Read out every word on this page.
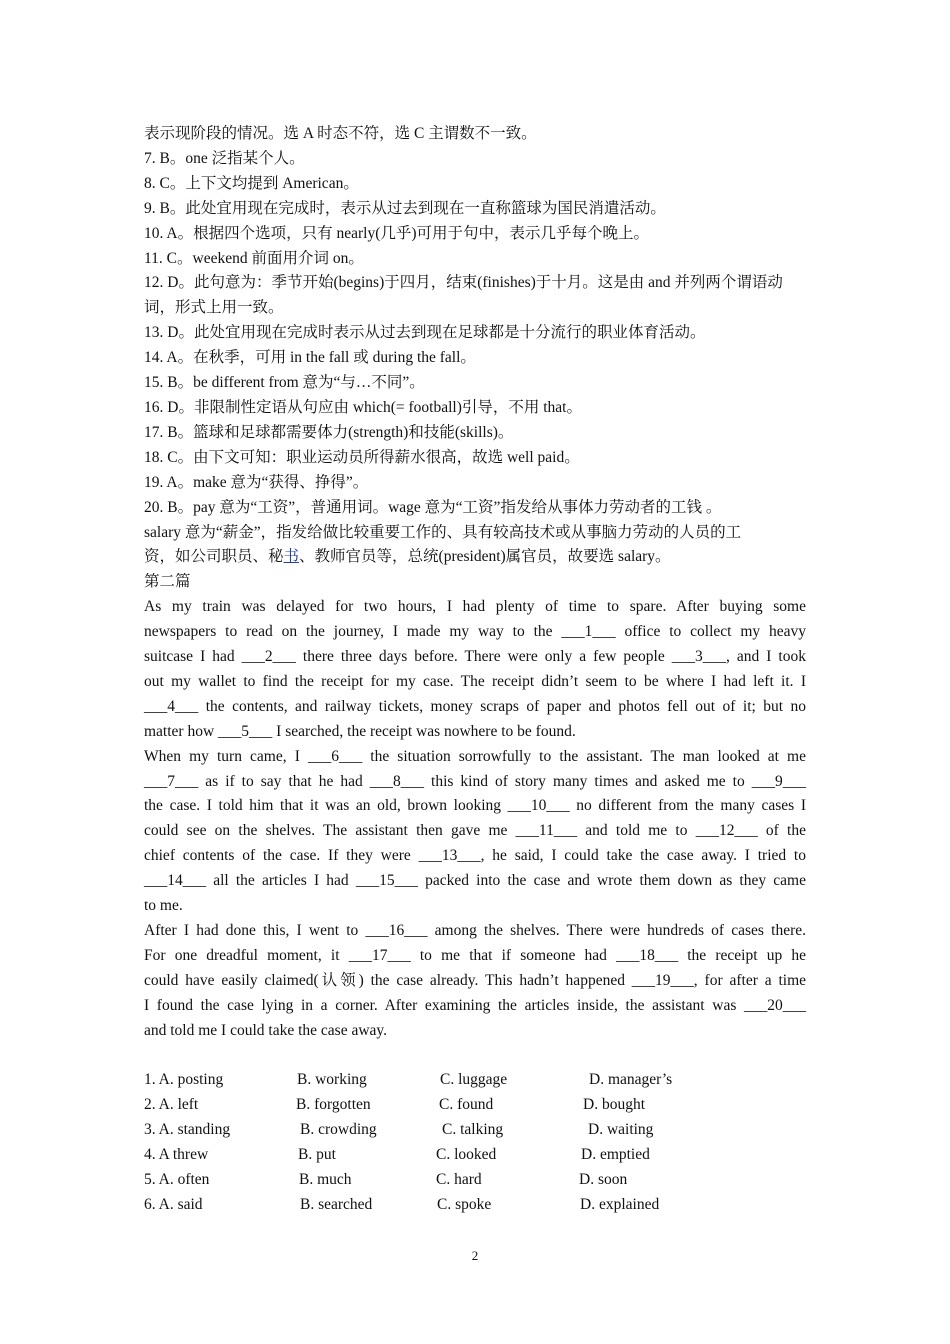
表示现阶段的情况。选 A 时态不符，选 C 主谓数不一致。
7. B。one 泛指某个人。
8. C。上下文均提到 American。
9. B。此处宜用现在完成时，表示从过去到现在一直称篮球为国民消遣活动。
10. A。根据四个选项，只有 nearly(几乎)可用于句中，表示几乎每个晚上。
11. C。weekend 前面用介词 on。
12. D。此句意为：季节开始(begins)于四月，结束(finishes)于十月。这是由 and 并列两个谓语动
词，形式上用一致。
13. D。此处宜用现在完成时表示从过去到现在足球都是十分流行的职业体育活动。
14. A。在秋季，可用 in the fall 或 during the fall。
15. B。be different from 意为“与…不同”。
16. D。非限制性定语从句应由 which(= football)引导，不用 that。
17. B。篮球和足球都需要体力(strength)和技能(skills)。
18. C。由下文可知：职业运动员所得薪水很高，故选 well paid。
19. A。make 意为“获得、挣得”。
20. B。pay 意为“工资”，普通用词。wage 意为“工资”指发给从事体力劳动者的工钱 。
salary 意为“薪金”，指发给做比较重要工作的、具有较高技术或从事脑力劳动的人员的工
资，如公司职员、秘书、教师官员等，总统(president)属官员，故要选 salary。
第二篇
As my train was delayed for two hours, I had plenty of time to spare. After buying some
newspapers to read on the journey, I made my way to the ___1___ office to collect my heavy
suitcase I had ___2___ there three days before. There were only a few people ___3___, and I took
out my wallet to find the receipt for my case. The receipt didn’t seem to be where I had left it. I
___4___ the contents, and railway tickets, money scraps of paper and photos fell out of it; but no
matter how ___5___ I searched, the receipt was nowhere to be found.
When my turn came, I ___6___ the situation sorrowfully to the assistant. The man looked at me
___7___ as if to say that he had ___8___ this kind of story many times and asked me to ___9___
the case. I told him that it was an old, brown looking ___10___ no different from the many cases I
could see on the shelves. The assistant then gave me ___11___ and told me to ___12___ of the
chief contents of the case. If they were ___13___, he said, I could take the case away. I tried to
___14___ all the articles I had ___15___ packed into the case and wrote them down as they came
to me.
After I had done this, I went to ___16___ among the shelves. There were hundreds of cases there.
For one dreadful moment, it ___17___ to me that if someone had ___18___ the receipt up he
could have easily claimed(认领) the case already. This hadn’t happened ___19___, for after a time
I found the case lying in a corner. After examining the articles inside, the assistant was ___20___
and told me I could take the case away.
1. A. posting	B. working	C. luggage	D. manager’s
2. A. left	B. forgotten	C. found	D. bought
3. A. standing	B. crowding	C. talking	D. waiting
4. A threw	B. put	C. looked	D. emptied
5. A. often	B. much	C. hard	D. soon
6. A. said	B. searched	C. spoke	D. explained
2
